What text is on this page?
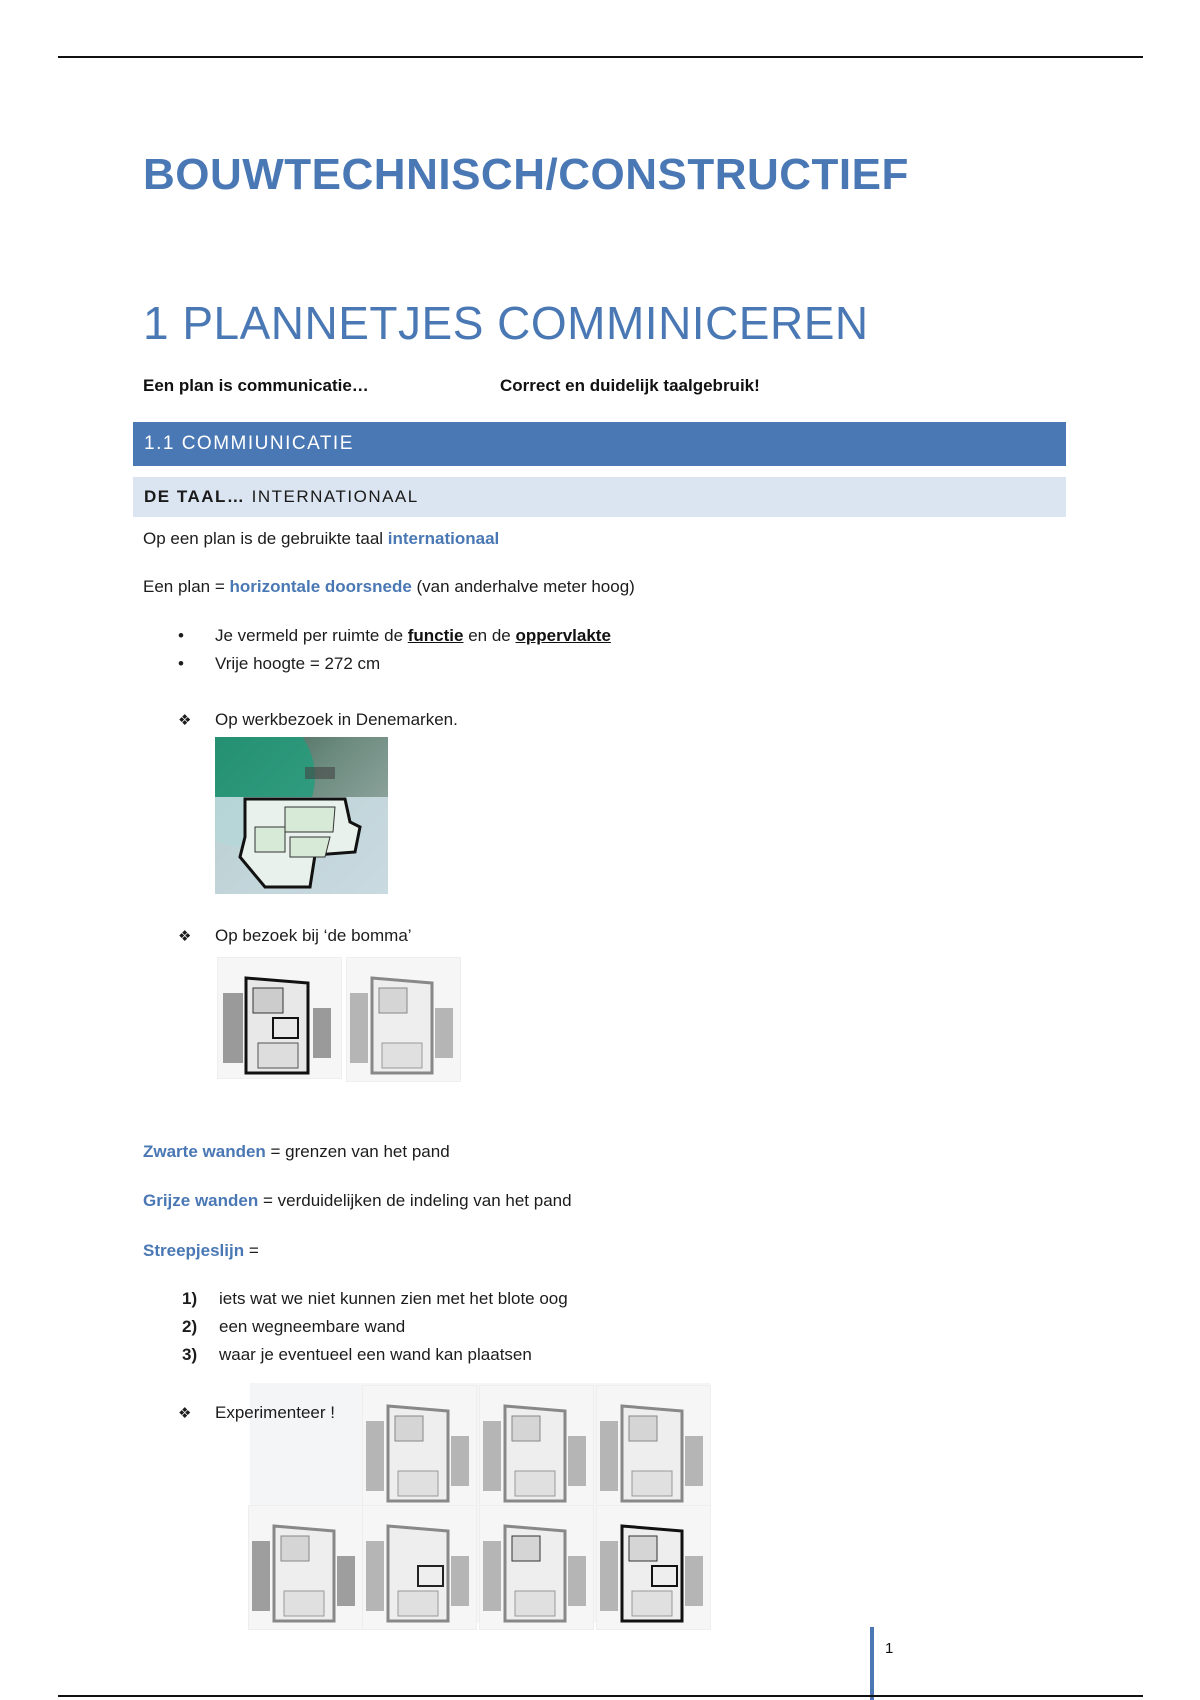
BOUWTECHNISCH/CONSTRUCTIEF
1 PLANNETJES COMMINICEREN
Een plan is communicatie…	Correct en duidelijk taalgebruik!
1.1 COMMIUNICATIE
DE TAAL… INTERNATIONAAL
Op een plan is de gebruikte taal internationaal
Een plan = horizontale doorsnede (van anderhalve meter hoog)
• Je vermeld per ruimte de functie en de oppervlakte
• Vrije hoogte = 272 cm
❖ Op werkbezoek in Denemarken.
❖ Op bezoek bij ‘de bomma’
Zwarte wanden = grenzen van het pand
Grijze wanden = verduidelijken de indeling van het pand
Streepjeslijn =
1) iets wat we niet kunnen zien met het blote oog
2) een wegneembare wand
3) waar je eventueel een wand kan plaatsen
❖ Experimenteer !
1
